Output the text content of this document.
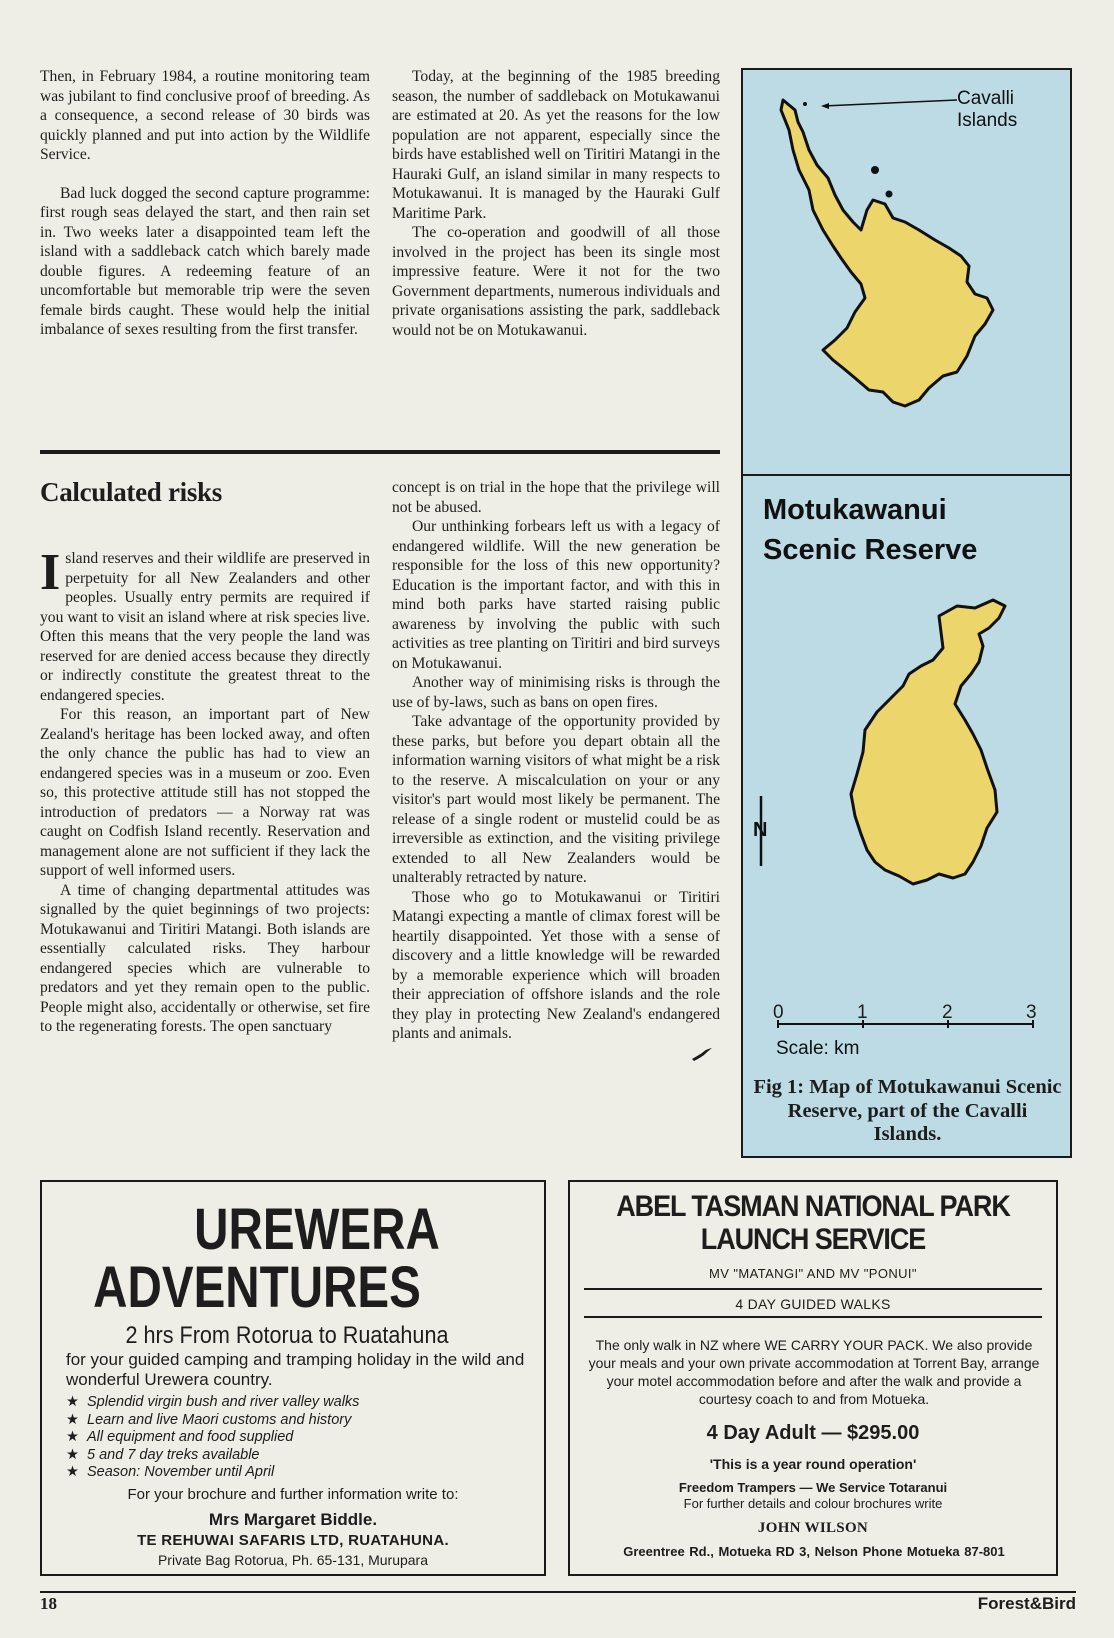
Then, in February 1984, a routine monitoring team was jubilant to find conclusive proof of breeding. As a consequence, a second release of 30 birds was quickly planned and put into action by the Wildlife Service.

Bad luck dogged the second capture programme: first rough seas delayed the start, and then rain set in. Two weeks later a disappointed team left the island with a saddleback catch which barely made double figures. A redeeming feature of an uncomfortable but memorable trip were the seven female birds caught. These would help the initial imbalance of sexes resulting from the first transfer.

Today, at the beginning of the 1985 breeding season, the number of saddleback on Motukawanui are estimated at 20. As yet the reasons for the low population are not apparent, especially since the birds have established well on Tiritiri Matangi in the Hauraki Gulf, an island similar in many respects to Motukawanui. It is managed by the Hauraki Gulf Maritime Park.

The co-operation and goodwill of all those involved in the project has been its single most impressive feature. Were it not for the two Government departments, numerous individuals and private organisations assisting the park, saddleback would not be on Motukawanui.

Calculated risks

Island reserves and their wildlife are preserved in perpetuity for all New Zealanders and other peoples. Usually entry permits are required if you want to visit an island where at risk species live. Often this means that the very people the land was reserved for are denied access because they directly or indirectly constitute the greatest threat to the endangered species.

For this reason, an important part of New Zealand's heritage has been locked away, and often the only chance the public has had to view an endangered species was in a museum or zoo. Even so, this protective attitude still has not stopped the introduction of predators — a Norway rat was caught on Codfish Island recently. Reservation and management alone are not sufficient if they lack the support of well informed users.

A time of changing departmental attitudes was signalled by the quiet beginnings of two projects: Motukawanui and Tiritiri Matangi. Both islands are essentially calculated risks. They harbour endangered species which are vulnerable to predators and yet they remain open to the public. People might also, accidentally or otherwise, set fire to the regenerating forests. The open sanctuary

concept is on trial in the hope that the privilege will not be abused.

Our unthinking forbears left us with a legacy of endangered wildlife. Will the new generation be responsible for the loss of this new opportunity? Education is the important factor, and with this in mind both parks have started raising public awareness by involving the public with such activities as tree planting on Tiritiri and bird surveys on Motukawanui.

Another way of minimising risks is through the use of by-laws, such as bans on open fires.

Take advantage of the opportunity provided by these parks, but before you depart obtain all the information warning visitors of what might be a risk to the reserve. A miscalculation on your or any visitor's part would most likely be permanent. The release of a single rodent or mustelid could be as irreversible as extinction, and the visiting privilege extended to all New Zealanders would be unalterably retracted by nature.

Those who go to Motukawanui or Tiritiri Matangi expecting a mantle of climax forest will be heartily disappointed. Yet those with a sense of discovery and a little knowledge will be rewarded by a memorable experience which will broaden their appreciation of offshore islands and the role they play in protecting New Zealand's endangered plants and animals.

Cavalli
Islands
Motukawanui
Scenic Reserve
N
0	1	2	3
Scale: km
Fig 1: Map of Motukawanui Scenic Reserve, part of the Cavalli Islands.
UREWERA
ADVENTURES
2 hrs From Rotorua to Ruatahuna
for your guided camping and tramping holiday in the wild and wonderful Urewera country.
★ Splendid virgin bush and river valley walks
★ Learn and live Maori customs and history
★ All equipment and food supplied
★ 5 and 7 day treks available
★ Season: November until April
For your brochure and further information write to:
Mrs Margaret Biddle.
TE REHUWAI SAFARIS LTD, RUATAHUNA.
Private Bag Rotorua, Ph. 65-131, Murupara
ABEL TASMAN NATIONAL PARK
LAUNCH SERVICE
MV "MATANGI" AND MV "PONUI"
4 DAY GUIDED WALKS
The only walk in NZ where WE CARRY YOUR PACK. We also provide your meals and your own private accommodation at Torrent Bay, arrange your motel accommodation before and after the walk and provide a courtesy coach to and from Motueka.
4 Day Adult — $295.00
'This is a year round operation'
Freedom Trampers — We Service Totaranui
For further details and colour brochures write
JOHN WILSON
Greentree Rd., Motueka RD 3, Nelson Phone Motueka 87-801
18	Forest&Bird
